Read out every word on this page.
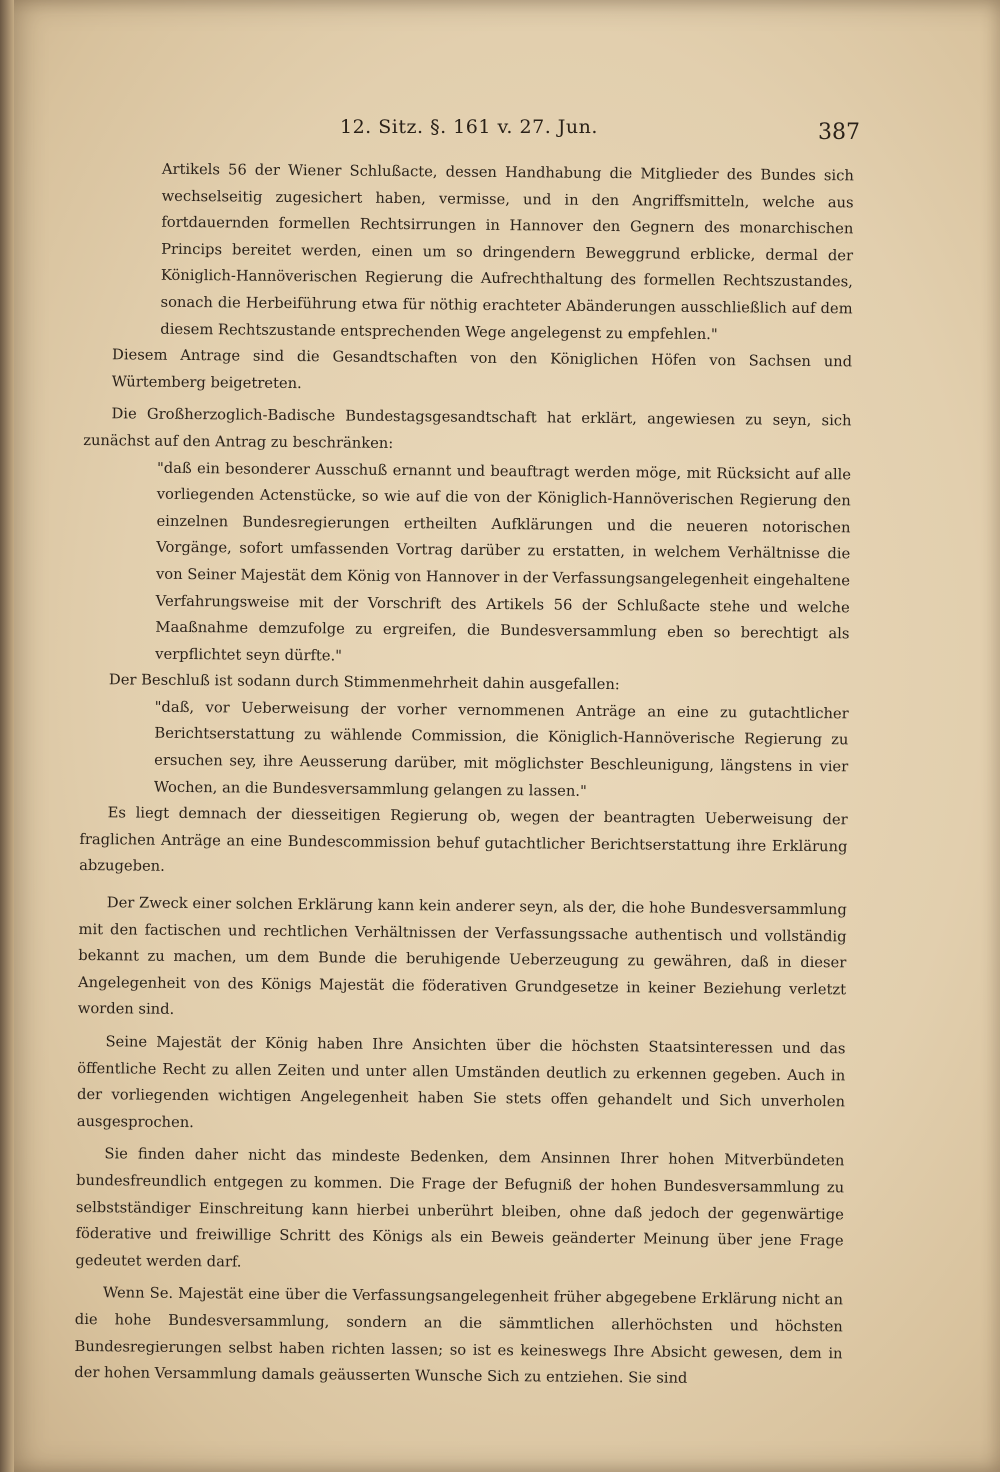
12. Sitz. §. 161 v. 27. Jun.	387

Artikels 56 der Wiener Schlußacte, dessen Handhabung die Mitglieder des Bundes sich wechselseitig zugesichert haben, vermisse, und in den Angriffsmitteln, welche aus fortdauernden formellen Rechtsirrungen in Hannover den Gegnern des monarchischen Princips bereitet werden, einen um so dringendern Beweggrund erblicke, dermal der Königlich-Hannöverischen Regierung die Aufrechthaltung des formellen Rechtszustandes, sonach die Herbeiführung etwa für nöthig erachteter Abänderungen ausschließlich auf dem diesem Rechtszustande entsprechenden Wege angelegenst zu empfehlen."

Diesem Antrage sind die Gesandtschaften von den Königlichen Höfen von Sachsen und Würtemberg beigetreten.

Die Großherzoglich-Badische Bundestagsgesandtschaft hat erklärt, angewiesen zu seyn, sich zunächst auf den Antrag zu beschränken:

"daß ein besonderer Ausschuß ernannt und beauftragt werden möge, mit Rücksicht auf alle vorliegenden Actenstücke, so wie auf die von der Königlich-Hannöverischen Regierung den einzelnen Bundesregierungen ertheilten Aufklärungen und die neueren notorischen Vorgänge, sofort umfassenden Vortrag darüber zu erstatten, in welchem Verhältnisse die von Seiner Majestät dem König von Hannover in der Verfassungsangelegenheit eingehaltene Verfahrungsweise mit der Vorschrift des Artikels 56 der Schlußacte stehe und welche Maaßnahme demzufolge zu ergreifen, die Bundesversammlung eben so berechtigt als verpflichtet seyn dürfte."

Der Beschluß ist sodann durch Stimmenmehrheit dahin ausgefallen:

"daß, vor Ueberweisung der vorher vernommenen Anträge an eine zu gutachtlicher Berichtserstattung zu wählende Commission, die Königlich-Hannöverische Regierung zu ersuchen sey, ihre Aeusserung darüber, mit möglichster Beschleunigung, längstens in vier Wochen, an die Bundesversammlung gelangen zu lassen."

Es liegt demnach der diesseitigen Regierung ob, wegen der beantragten Ueberweisung der fraglichen Anträge an eine Bundescommission behuf gutachtlicher Berichtserstattung ihre Erklärung abzugeben.

Der Zweck einer solchen Erklärung kann kein anderer seyn, als der, die hohe Bundesversammlung mit den factischen und rechtlichen Verhältnissen der Verfassungssache authentisch und vollständig bekannt zu machen, um dem Bunde die beruhigende Ueberzeugung zu gewähren, daß in dieser Angelegenheit von des Königs Majestät die föderativen Grundgesetze in keiner Beziehung verletzt worden sind.

Seine Majestät der König haben Ihre Ansichten über die höchsten Staatsinteressen und das öffentliche Recht zu allen Zeiten und unter allen Umständen deutlich zu erkennen gegeben. Auch in der vorliegenden wichtigen Angelegenheit haben Sie stets offen gehandelt und Sich unverholen ausgesprochen.

Sie finden daher nicht das mindeste Bedenken, dem Ansinnen Ihrer hohen Mitverbündeten bundesfreundlich entgegen zu kommen. Die Frage der Befugniß der hohen Bundesversammlung zu selbstständiger Einschreitung kann hierbei unberührt bleiben, ohne daß jedoch der gegenwärtige föderative und freiwillige Schritt des Königs als ein Beweis geänderter Meinung über jene Frage gedeutet werden darf.

Wenn Se. Majestät eine über die Verfassungsangelegenheit früher abgegebene Erklärung nicht an die hohe Bundesversammlung, sondern an die sämmtlichen allerhöchsten und höchsten Bundesregierungen selbst haben richten lassen; so ist es keineswegs Ihre Absicht gewesen, dem in der hohen Versammlung damals geäusserten Wunsche Sich zu entziehen. Sie sind
